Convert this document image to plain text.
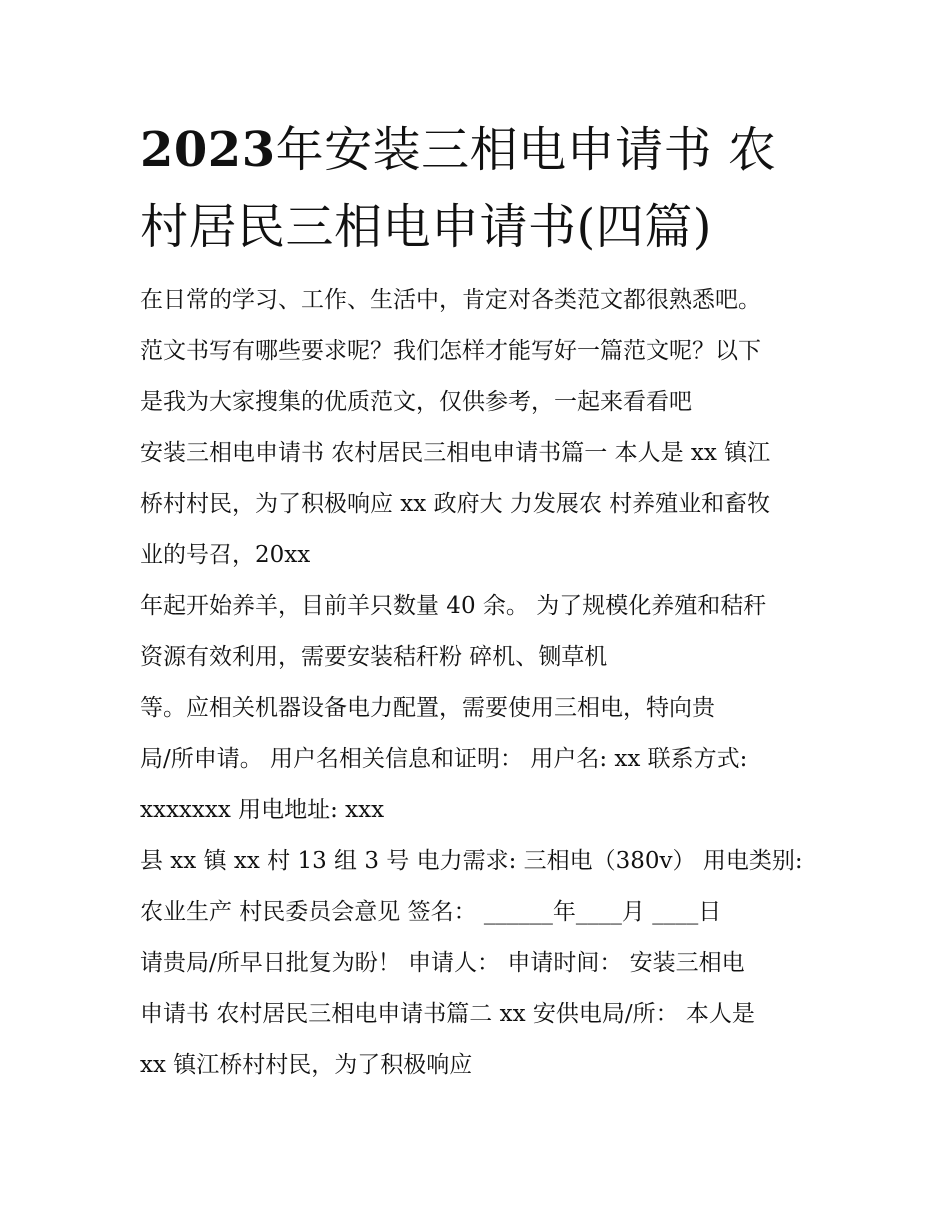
2023年安装三相电申请书 农
村居民三相电申请书(四篇)
在日常的学习、工作、生活中，肯定对各类范文都很熟悉吧。
范文书写有哪些要求呢？我们怎样才能写好一篇范文呢？以下
是我为大家搜集的优质范文，仅供参考，一起来看看吧
安装三相电申请书 农村居民三相电申请书篇一 本人是 xx 镇江
桥村村民，为了积极响应 xx 政府大 力发展农 村养殖业和畜牧
业的号召，20xx
年起开始养羊，目前羊只数量 40 余。 为了规模化养殖和秸秆
资源有效利用，需要安装秸秆粉 碎机、铡草机
等。应相关机器设备电力配置，需要使用三相电，特向贵
局/所申请。 用户名相关信息和证明： 用户名: xx 联系方式:
xxxxxxx 用电地址: xxx
县 xx 镇 xx 村 13 组 3 号 电力需求: 三相电（380v） 用电类别:
农业生产 村民委员会意见 签名： ______年____月 ____日
请贵局/所早日批复为盼！ 申请人： 申请时间： 安装三相电
申请书 农村居民三相电申请书篇二 xx 安供电局/所： 本人是
xx 镇江桥村村民，为了积极响应
